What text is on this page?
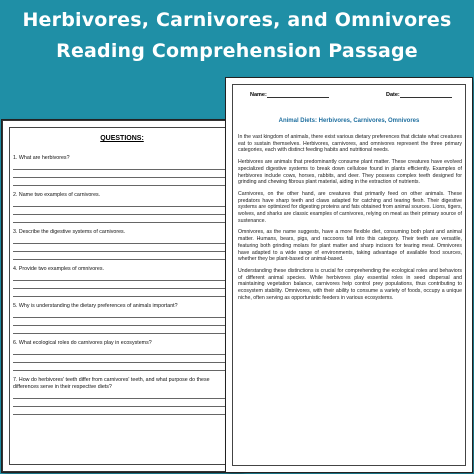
Herbivores, Carnivores, and Omnivores
Reading Comprehension Passage
QUESTIONS:
1. What are herbivores?
2. Name two examples of carnivores.
3. Describe the digestive systems of carnivores.
4. Provide two examples of omnivores.
5. Why is understanding the dietary preferences of animals important?
6. What ecological roles do carnivores play in ecosystems?
7. How do herbivores' teeth differ from carnivores' teeth, and what purpose do these differences serve in their respective diets?
Name:	Date:
Animal Diets: Herbivores, Carnivores, Omnivores

In the vast kingdom of animals, there exist various dietary preferences that dictate what creatures eat to sustain themselves. Herbivores, carnivores, and omnivores represent the three primary categories, each with distinct feeding habits and nutritional needs.

Herbivores are animals that predominantly consume plant matter. These creatures have evolved specialized digestive systems to break down cellulose found in plants efficiently. Examples of herbivores include cows, horses, rabbits, and deer. They possess complex teeth designed for grinding and chewing fibrous plant material, aiding in the extraction of nutrients.

Carnivores, on the other hand, are creatures that primarily feed on other animals. These predators have sharp teeth and claws adapted for catching and tearing flesh. Their digestive systems are optimized for digesting proteins and fats obtained from animal sources. Lions, tigers, wolves, and sharks are classic examples of carnivores, relying on meat as their primary source of sustenance.

Omnivores, as the name suggests, have a more flexible diet, consuming both plant and animal matter. Humans, bears, pigs, and raccoons fall into this category. Their teeth are versatile, featuring both grinding molars for plant matter and sharp incisors for tearing meat. Omnivores have adapted to a wide range of environments, taking advantage of available food sources, whether they be plant-based or animal-based.

Understanding these distinctions is crucial for comprehending the ecological roles and behaviors of different animal species. While herbivores play essential roles in seed dispersal and maintaining vegetation balance, carnivores help control prey populations, thus contributing to ecosystem stability. Omnivores, with their ability to consume a variety of foods, occupy a unique niche, often serving as opportunistic feeders in various ecosystems.
